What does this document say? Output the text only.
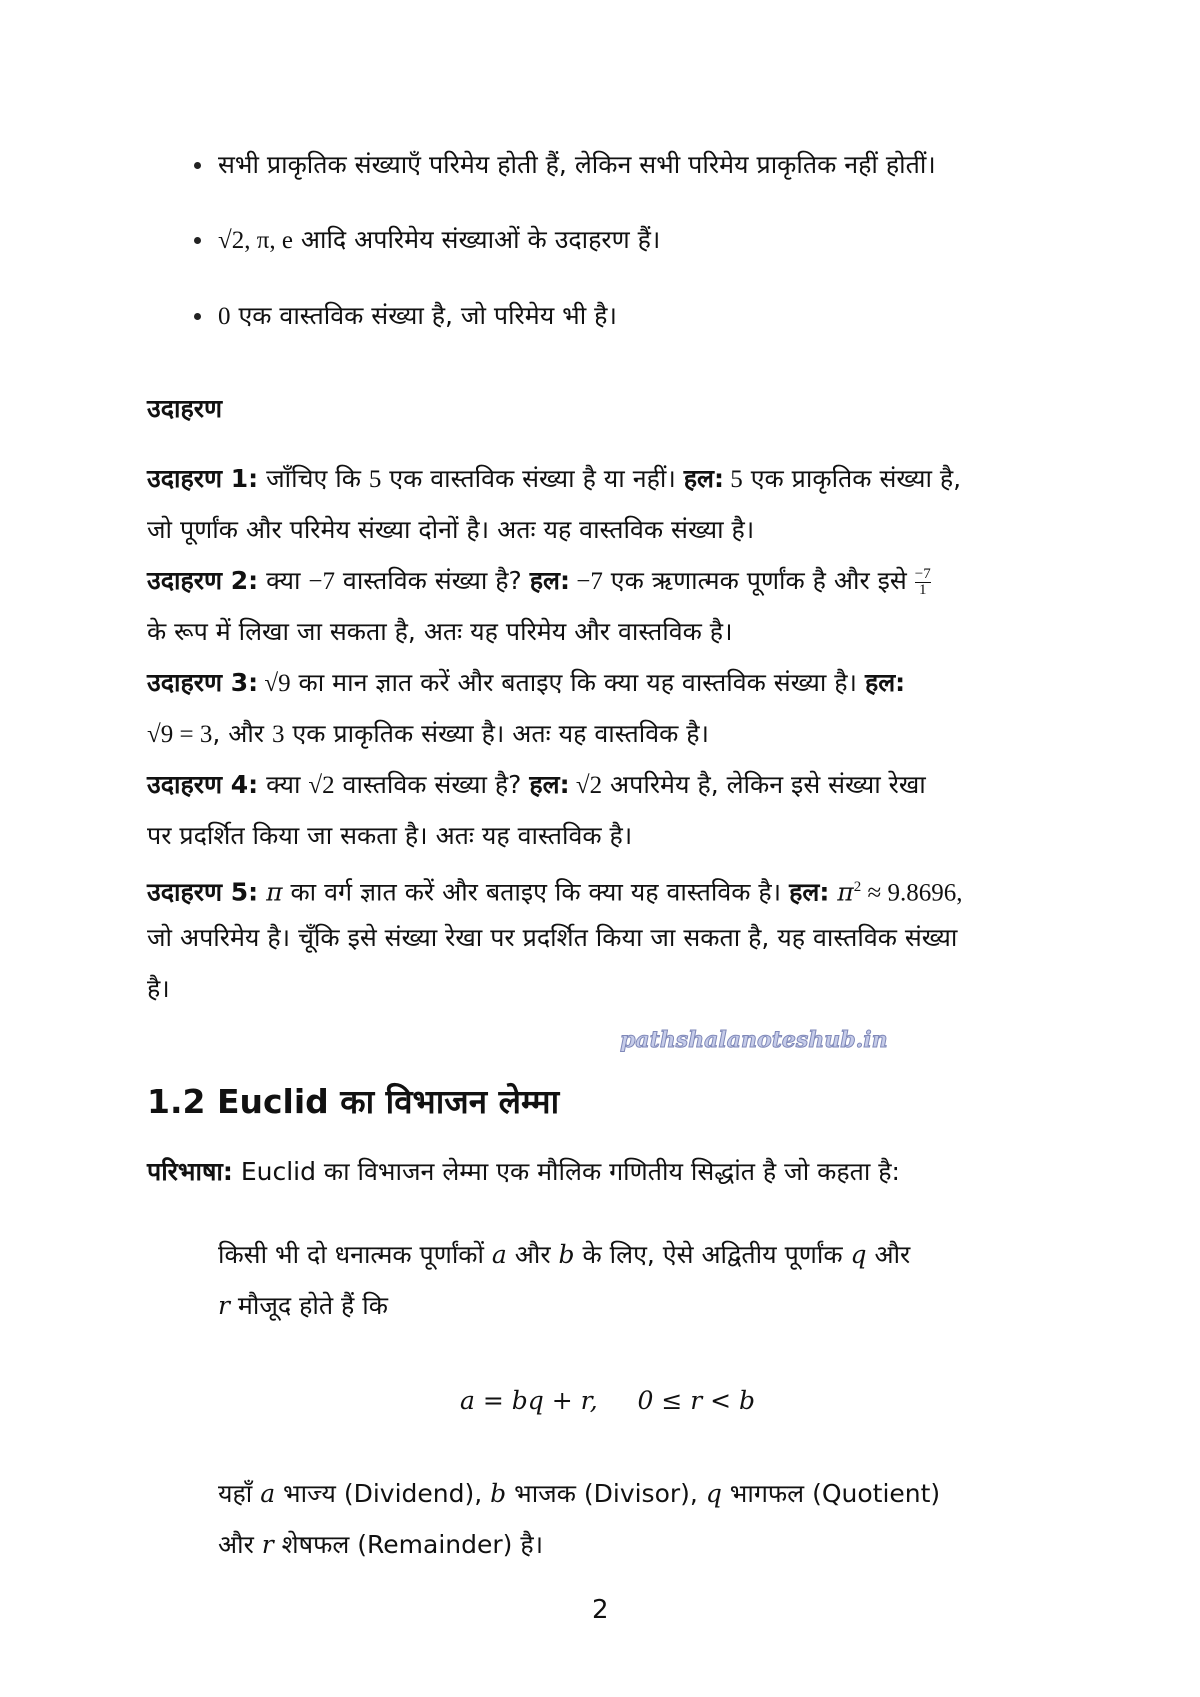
सभी प्राकृतिक संख्याएँ परिमेय होती हैं, लेकिन सभी परिमेय प्राकृतिक नहीं होतीं।
√2, π, e आदि अपरिमेय संख्याओं के उदाहरण हैं।
0 एक वास्तविक संख्या है, जो परिमेय भी है।
उदाहरण
उदाहरण 1: जाँचिए कि 5 एक वास्तविक संख्या है या नहीं। हल: 5 एक प्राकृतिक संख्या है,
जो पूर्णांक और परिमेय संख्या दोनों है। अतः यह वास्तविक संख्या है।
उदाहरण 2: क्या −7 वास्तविक संख्या है? हल: −7 एक ऋणात्मक पूर्णांक है और इसे $\frac{-7}{1}$
के रूप में लिखा जा सकता है, अतः यह परिमेय और वास्तविक है।
उदाहरण 3: √9 का मान ज्ञात करें और बताइए कि क्या यह वास्तविक संख्या है। हल:
√9 = 3, और 3 एक प्राकृतिक संख्या है। अतः यह वास्तविक है।
उदाहरण 4: क्या √2 वास्तविक संख्या है? हल: √2 अपरिमेय है, लेकिन इसे संख्या रेखा
पर प्रदर्शित किया जा सकता है। अतः यह वास्तविक है।
उदाहरण 5: π का वर्ग ज्ञात करें और बताइए कि क्या यह वास्तविक है। हल: $\pi^2 \approx 9.8696$,
जो अपरिमेय है। चूँकि इसे संख्या रेखा पर प्रदर्शित किया जा सकता है, यह वास्तविक संख्या
है।
pathshalanoteshub.in
1.2 Euclid का विभाजन लेम्मा
परिभाषा: Euclid का विभाजन लेम्मा एक मौलिक गणितीय सिद्धांत है जो कहता है:
किसी भी दो धनात्मक पूर्णांकों a और b के लिए, ऐसे अद्वितीय पूर्णांक q और
r मौजूद होते हैं कि
a = bq + r,     0 ≤ r < b
यहाँ a भाज्य (Dividend), b भाजक (Divisor), q भागफल (Quotient)
और r शेषफल (Remainder) है।
2
